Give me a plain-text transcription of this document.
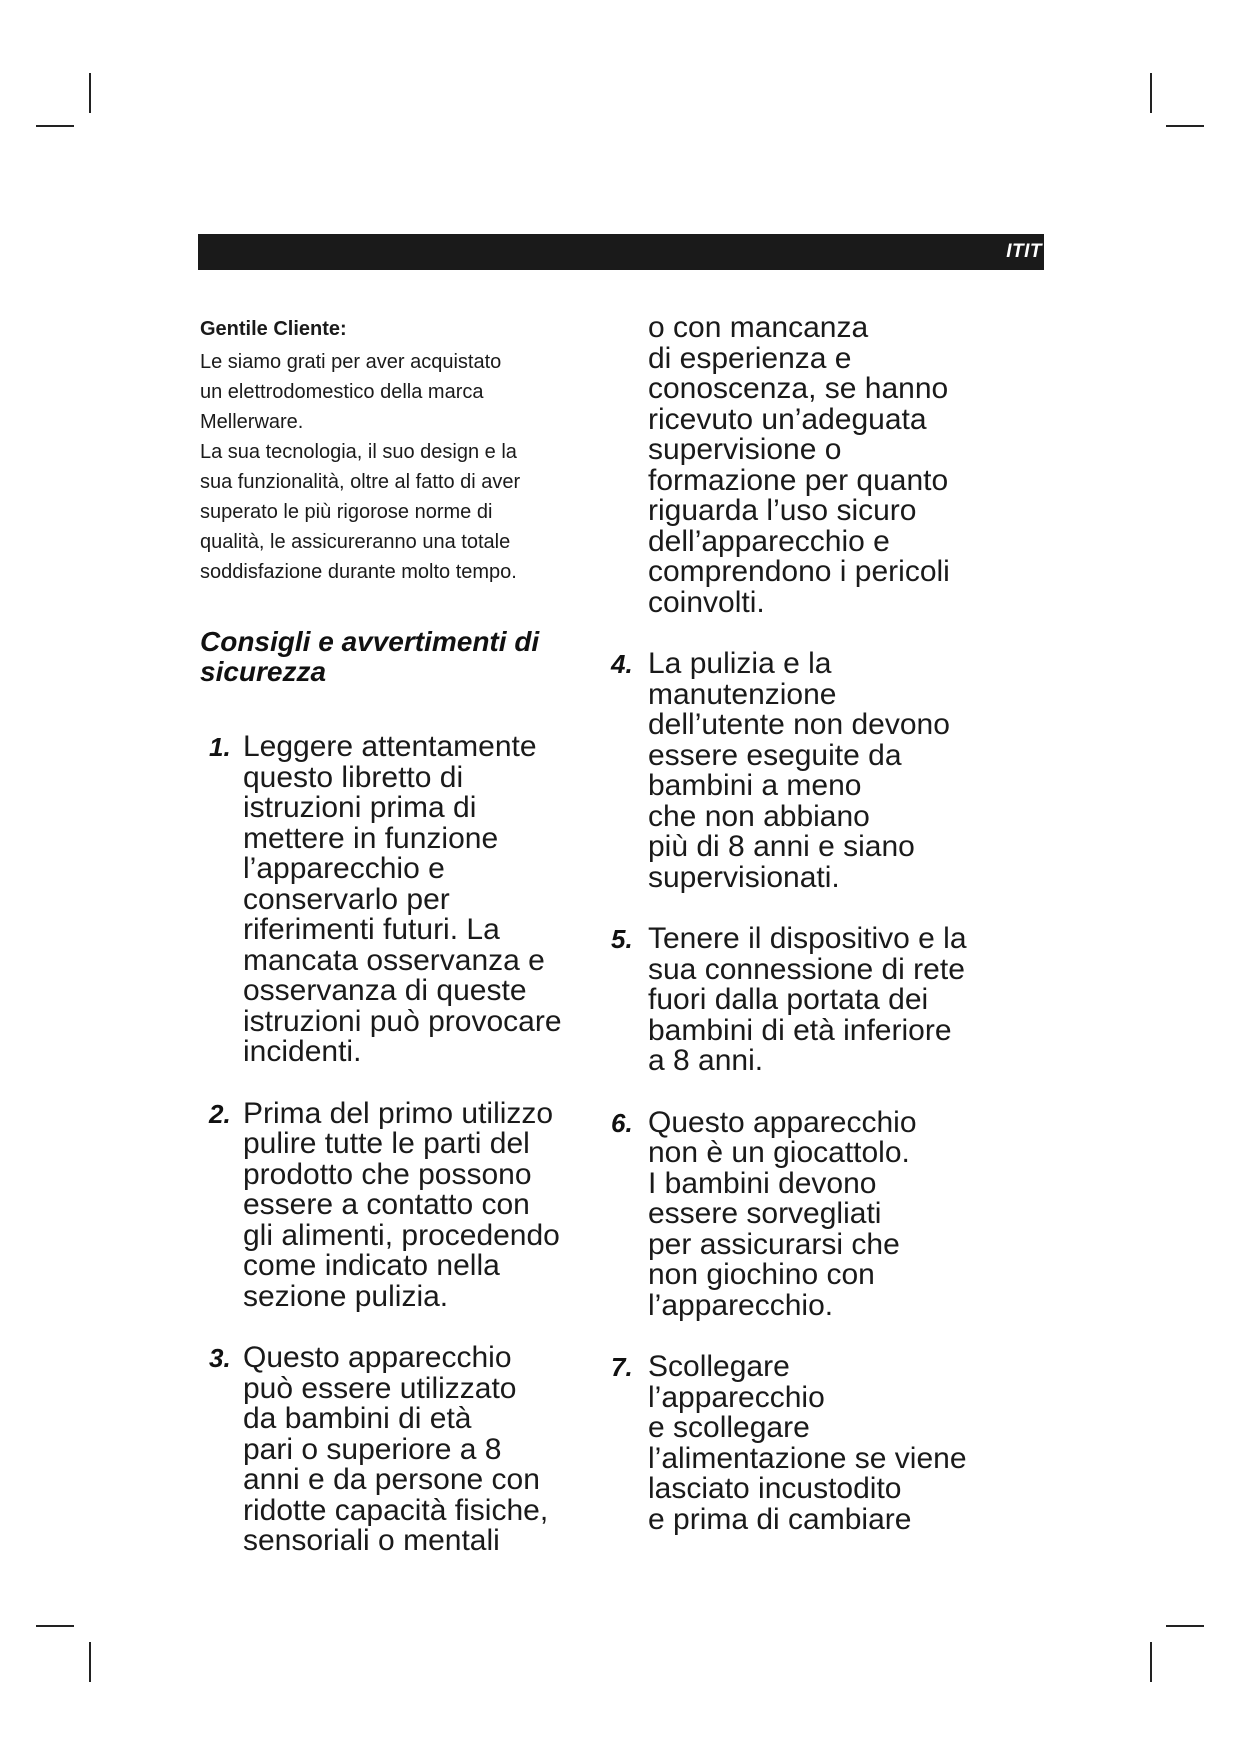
ITIT

Gentile Cliente:

Le siamo grati per aver acquistato
un elettrodomestico della marca
Mellerware.
La sua tecnologia, il suo design e la
sua funzionalità, oltre al fatto di aver
superato le più rigorose norme di
qualità, le assicureranno una totale
soddisfazione durante molto tempo.

Consigli e avvertimenti di
sicurezza
1. Leggere attentamente
questo libretto di
istruzioni prima di
mettere in funzione
l’apparecchio e
conservarlo per
riferimenti futuri. La
mancata osservanza e
osservanza di queste
istruzioni può provocare
incidenti.

2. Prima del primo utilizzo
pulire tutte le parti del
prodotto che possono
essere a contatto con
gli alimenti, procedendo
come indicato nella
sezione pulizia.

3. Questo apparecchio
può essere utilizzato
da bambini di età
pari o superiore a 8
anni e da persone con
ridotte capacità fisiche,
sensoriali o mentali

o con mancanza
di esperienza e
conoscenza, se hanno
ricevuto un’adeguata
supervisione o
formazione per quanto
riguarda l’uso sicuro
dell’apparecchio e
comprendono i pericoli
coinvolti.

4. La pulizia e la
manutenzione
dell’utente non devono
essere eseguite da
bambini a meno
che non abbiano
più di 8 anni e siano
supervisionati.

5. Tenere il dispositivo e la
sua connessione di rete
fuori dalla portata dei
bambini di età inferiore
a 8 anni.

6. Questo apparecchio
non è un giocattolo.
I bambini devono
essere sorvegliati
per assicurarsi che
non giochino con
l’apparecchio.

7. Scollegare
l’apparecchio
e scollegare
l’alimentazione se viene
lasciato incustodito
e prima di cambiare
